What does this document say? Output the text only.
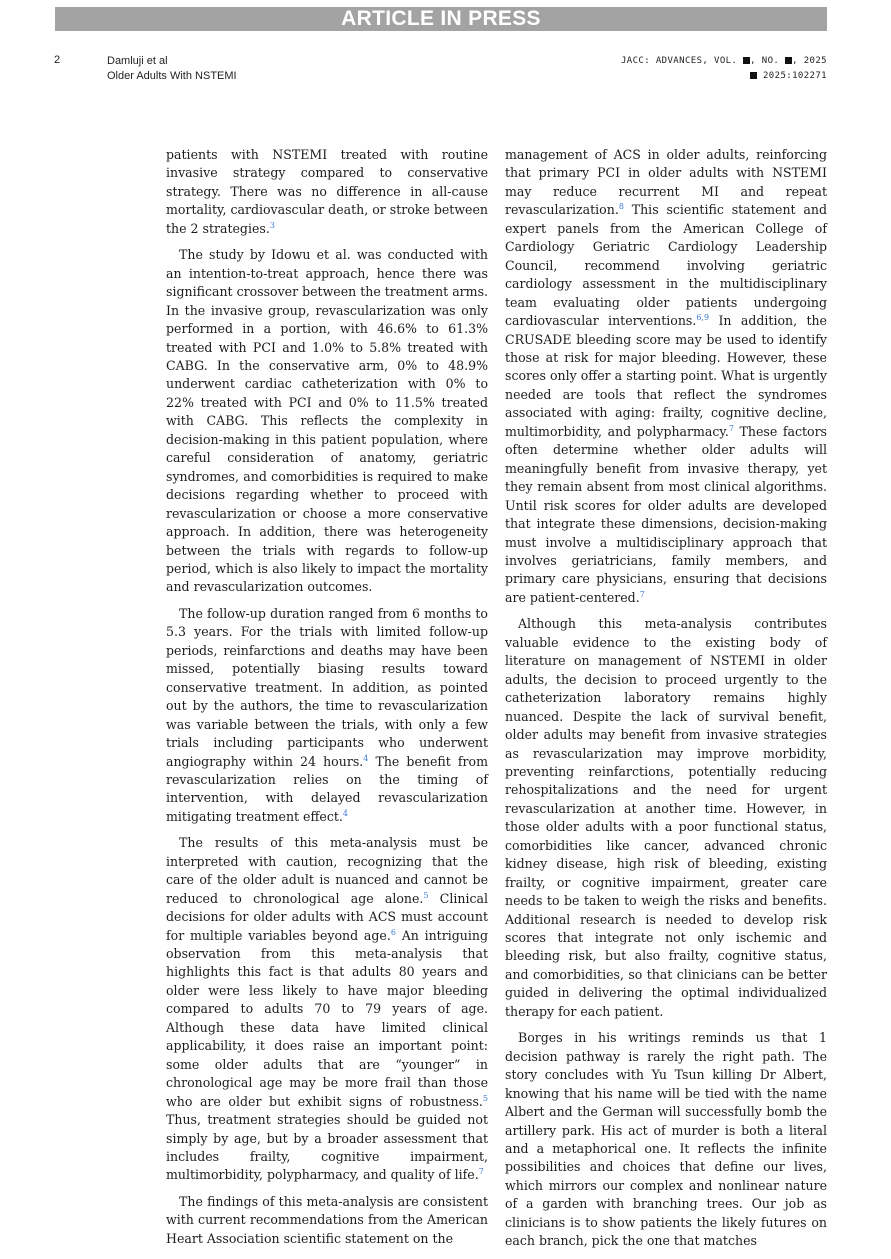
ARTICLE IN PRESS
2	Damluji et al
Older Adults With NSTEMI
JACC: ADVANCES, VOL. , NO. , 2025
2025:102271

patients with NSTEMI treated with routine invasive strategy compared to conservative strategy. There was no difference in all-cause mortality, cardiovascular death, or stroke between the 2 strategies.$^3$

The study by Idowu et al. was conducted with an intention-to-treat approach, hence there was significant crossover between the treatment arms. In the invasive group, revascularization was only performed in a portion, with 46.6% to 61.3% treated with PCI and 1.0% to 5.8% treated with CABG. In the conservative arm, 0% to 48.9% underwent cardiac catheterization with 0% to 22% treated with PCI and 0% to 11.5% treated with CABG. This reflects the complexity in decision-making in this patient population, where careful consideration of anatomy, geriatric syndromes, and comorbidities is required to make decisions regarding whether to proceed with revascularization or choose a more conservative approach. In addition, there was heterogeneity between the trials with regards to follow-up period, which is also likely to impact the mortality and revascularization outcomes.

The follow-up duration ranged from 6 months to 5.3 years. For the trials with limited follow-up periods, reinfarctions and deaths may have been missed, potentially biasing results toward conservative treatment. In addition, as pointed out by the authors, the time to revascularization was variable between the trials, with only a few trials including participants who underwent angiography within 24 hours.$^4$ The benefit from revascularization relies on the timing of intervention, with delayed revascularization mitigating treatment effect.$^4$

The results of this meta-analysis must be interpreted with caution, recognizing that the care of the older adult is nuanced and cannot be reduced to chronological age alone.$^5$ Clinical decisions for older adults with ACS must account for multiple variables beyond age.$^6$ An intriguing observation from this meta-analysis that highlights this fact is that adults 80 years and older were less likely to have major bleeding compared to adults 70 to 79 years of age. Although these data have limited clinical applicability, it does raise an important point: some older adults that are “younger” in chronological age may be more frail than those who are older but exhibit signs of robustness.$^5$ Thus, treatment strategies should be guided not simply by age, but by a broader assessment that includes frailty, cognitive impairment, multimorbidity, polypharmacy, and quality of life.$^7$

The findings of this meta-analysis are consistent with current recommendations from the American Heart Association scientific statement on the

management of ACS in older adults, reinforcing that primary PCI in older adults with NSTEMI may reduce recurrent MI and repeat revascularization.$^8$ This scientific statement and expert panels from the American College of Cardiology Geriatric Cardiology Leadership Council, recommend involving geriatric cardiology assessment in the multidisciplinary team evaluating older patients undergoing cardiovascular interventions.$^{6,9}$ In addition, the CRUSADE bleeding score may be used to identify those at risk for major bleeding. However, these scores only offer a starting point. What is urgently needed are tools that reflect the syndromes associated with aging: frailty, cognitive decline, multimorbidity, and polypharmacy.$^7$ These factors often determine whether older adults will meaningfully benefit from invasive therapy, yet they remain absent from most clinical algorithms. Until risk scores for older adults are developed that integrate these dimensions, decision-making must involve a multidisciplinary approach that involves geriatricians, family members, and primary care physicians, ensuring that decisions are patient-centered.$^7$

Although this meta-analysis contributes valuable evidence to the existing body of literature on management of NSTEMI in older adults, the decision to proceed urgently to the catheterization laboratory remains highly nuanced. Despite the lack of survival benefit, older adults may benefit from invasive strategies as revascularization may improve morbidity, preventing reinfarctions, potentially reducing rehospitalizations and the need for urgent revascularization at another time. However, in those older adults with a poor functional status, comorbidities like cancer, advanced chronic kidney disease, high risk of bleeding, existing frailty, or cognitive impairment, greater care needs to be taken to weigh the risks and benefits. Additional research is needed to develop risk scores that integrate not only ischemic and bleeding risk, but also frailty, cognitive status, and comorbidities, so that clinicians can be better guided in delivering the optimal individualized therapy for each patient.

Borges in his writings reminds us that 1 decision pathway is rarely the right path. The story concludes with Yu Tsun killing Dr Albert, knowing that his name will be tied with the name Albert and the German will successfully bomb the artillery park. His act of murder is both a literal and a metaphorical one. It reflects the infinite possibilities and choices that define our lives, which mirrors our complex and nonlinear nature of a garden with branching trees. Our job as clinicians is to show patients the likely futures on each branch, pick the one that matches
